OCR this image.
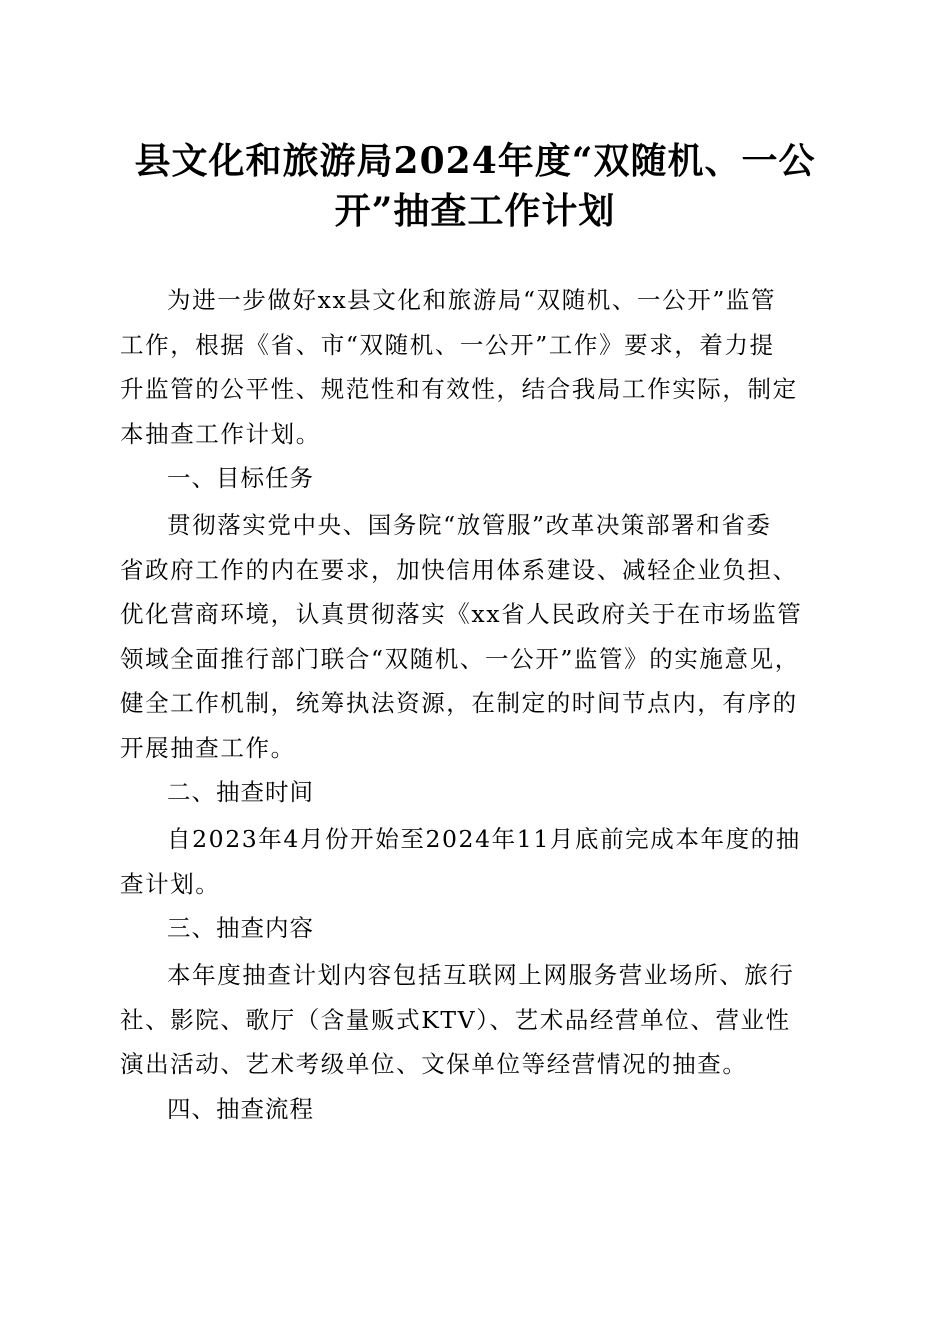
县文化和旅游局2024年度“双随机、一公
开”抽查工作计划

为进一步做好xx县文化和旅游局“双随机、一公开”监管
工作，根据《省、市“双随机、一公开”工作》要求，着力提
升监管的公平性、规范性和有效性，结合我局工作实际，制定
本抽查工作计划。

一、目标任务

贯彻落实党中央、国务院“放管服”改革决策部署和省委
省政府工作的内在要求，加快信用体系建设、减轻企业负担、
优化营商环境，认真贯彻落实《xx省人民政府关于在市场监管
领域全面推行部门联合“双随机、一公开”监管》的实施意见，
健全工作机制，统筹执法资源，在制定的时间节点内，有序的
开展抽查工作。

二、抽查时间

自2023年4月份开始至2024年11月底前完成本年度的抽
查计划。

三、抽查内容

本年度抽查计划内容包括互联网上网服务营业场所、旅行
社、影院、歌厅（含量贩式KTV）、艺术品经营单位、营业性
演出活动、艺术考级单位、文保单位等经营情况的抽查。

四、抽查流程
